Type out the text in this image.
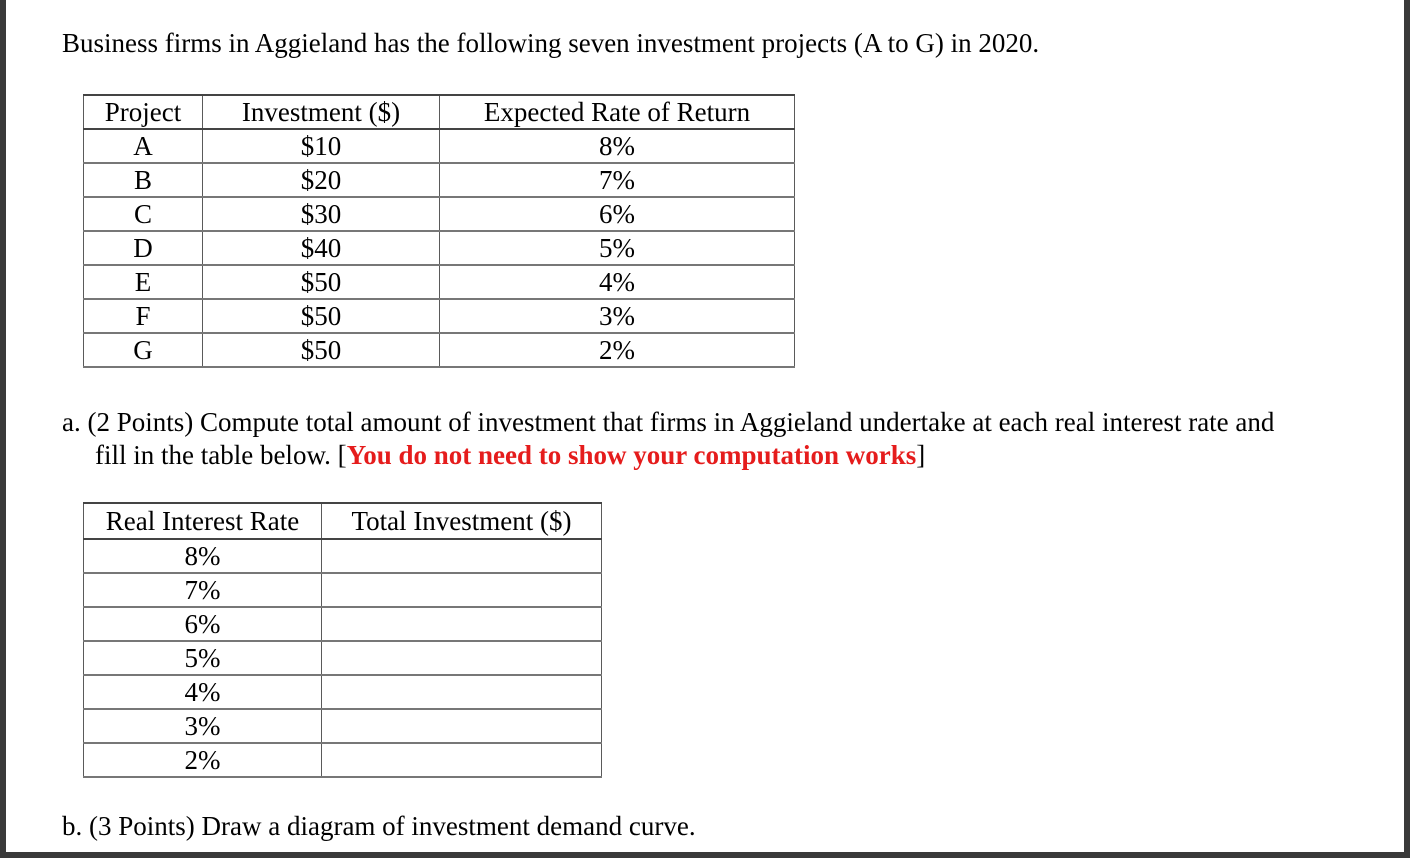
Business firms in Aggieland has the following seven investment projects (A to G) in 2020.
Project	Investment ($)	Expected Rate of Return
A	$10	8%
B	$20	7%
C	$30	6%
D	$40	5%
E	$50	4%
F	$50	3%
G	$50	2%
a. (2 Points) Compute total amount of investment that firms in Aggieland undertake at each real interest rate and
fill in the table below. [You do not need to show your computation works]
Real Interest Rate	Total Investment ($)
8%	
7%	
6%	
5%	
4%	
3%	
2%	
b. (3 Points) Draw a diagram of investment demand curve.
